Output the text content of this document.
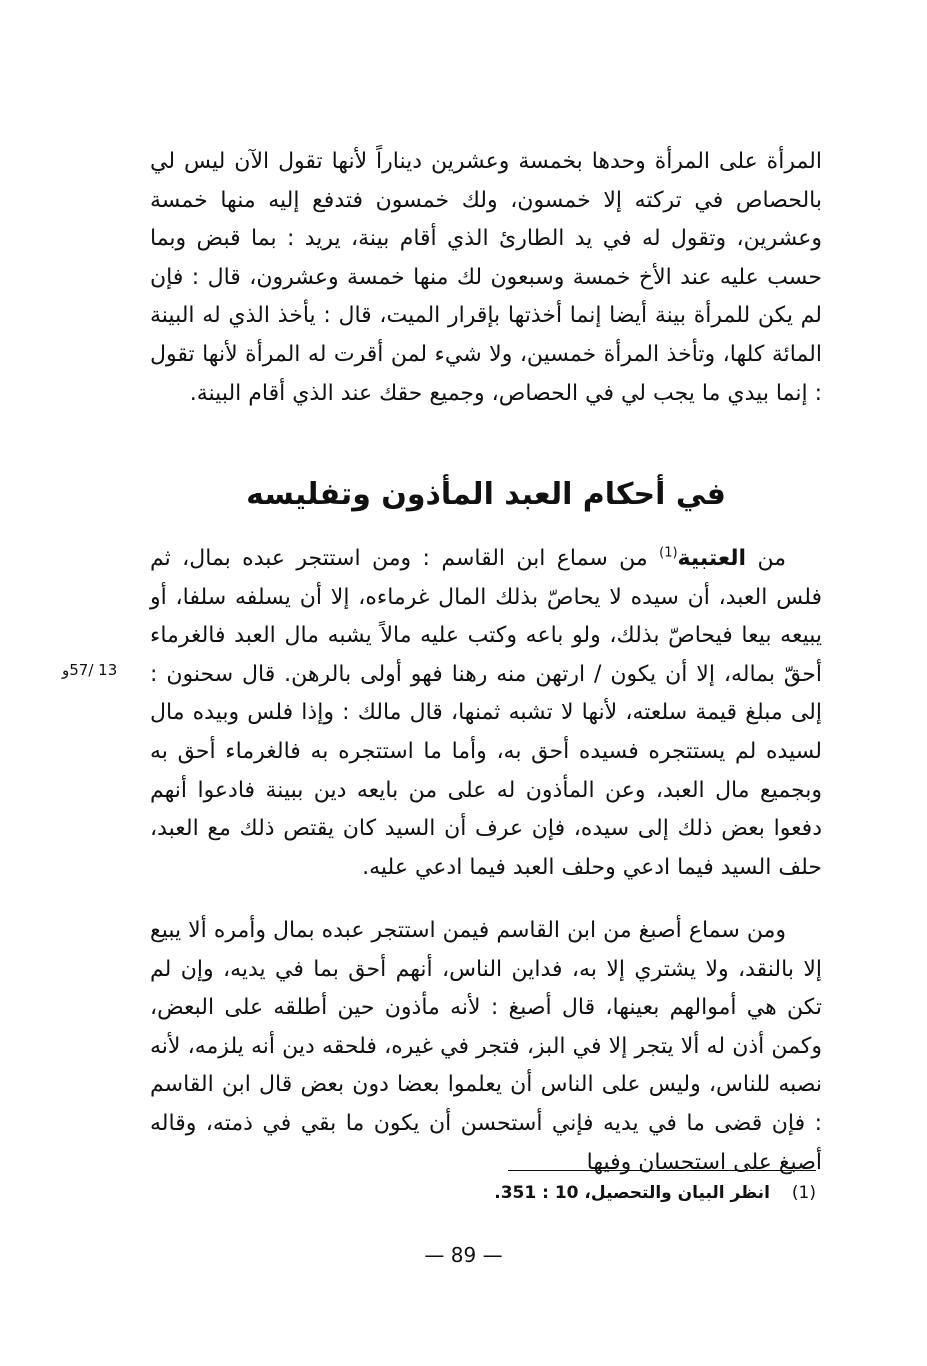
المرأة على المرأة وحدها بخمسة وعشرين ديناراً لأنها تقول الآن ليس لي بالحصاص في تركته إلا خمسون، ولك خمسون فتدفع إليه منها خمسة وعشرين، وتقول له في يد الطارئ الذي أقام بينة، يريد : بما قبض وبما حسب عليه عند الأخ خمسة وسبعون لك منها خمسة وعشرون، قال : فإن لم يكن للمرأة بينة أيضا إنما أخذتها بإقرار الميت، قال : يأخذ الذي له البينة المائة كلها، وتأخذ المرأة خمسين، ولا شيء لمن أقرت له المرأة لأنها تقول : إنما بيدي ما يجب لي في الحصاص، وجميع حقك عند الذي أقام البينة.

في أحكام العبد المأذون وتفليسه

من العتبية$^{(1)}$ من سماع ابن القاسم : ومن استتجر عبده بمال، ثم فلس العبد، أن سيده لا يحاصّ بذلك المال غرماءه، إلا أن يسلفه سلفا، أو يبيعه بيعا فيحاصّ بذلك، ولو باعه وكتب عليه مالاً يشبه مال العبد فالغرماء أحقّ بماله، إلا أن يكون / ارتهن منه رهنا فهو أولى بالرهن. قال سحنون : إلى مبلغ قيمة سلعته، لأنها لا تشبه ثمنها، قال مالك : وإذا فلس وبيده مال لسيده لم يستتجره فسيده أحق به، وأما ما استتجره به فالغرماء أحق به وبجميع مال العبد، وعن المأذون له على من بايعه دين ببينة فادعوا أنهم دفعوا بعض ذلك إلى سيده، فإن عرف أن السيد كان يقتص ذلك مع العبد، حلف السيد فيما ادعي وحلف العبد فيما ادعي عليه.

13 /57و

ومن سماع أصبغ من ابن القاسم فيمن استتجر عبده بمال وأمره ألا يبيع إلا بالنقد، ولا يشتري إلا به، فداين الناس، أنهم أحق بما في يديه، وإن لم تكن هي أموالهم بعينها، قال أصبغ : لأنه مأذون حين أطلقه على البعض، وكمن أذن له ألا يتجر إلا في البز، فتجر في غيره، فلحقه دين أنه يلزمه، لأنه نصبه للناس، وليس على الناس أن يعلموا بعضا دون بعض قال ابن القاسم : فإن قضى ما في يديه فإني أستحسن أن يكون ما بقي في ذمته، وقاله أصبغ على استحسان وفيها

(1)انظر البيان والتحصيل، 10 : 351.
— 89 —
